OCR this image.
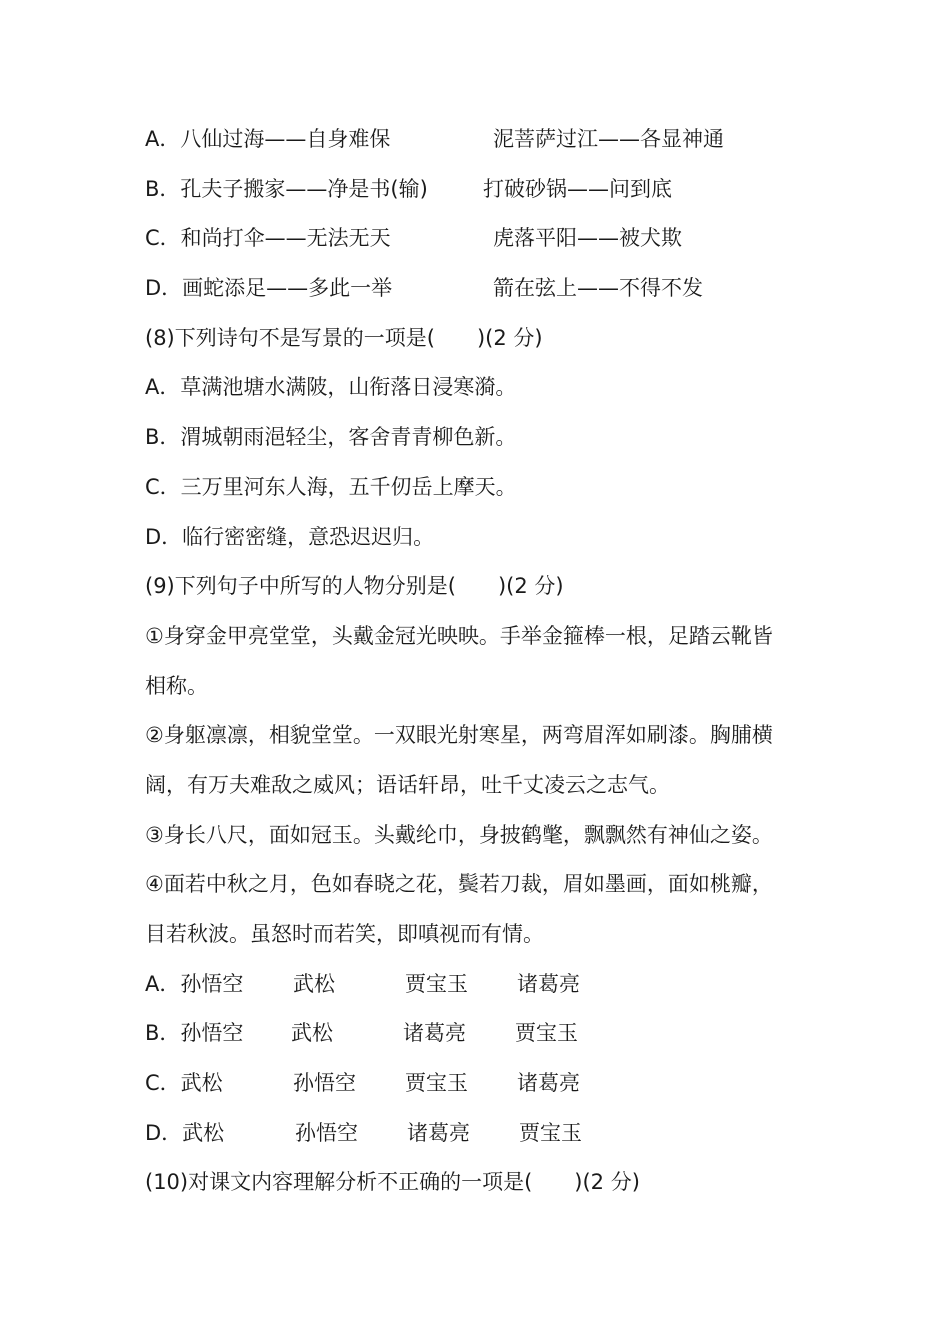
A．八仙过海——自身难保	泥菩萨过江——各显神通
B．孔夫子搬家——净是书(输)	打破砂锅——问到底
C．和尚打伞——无法无天	虎落平阳——被犬欺
D．画蛇添足——多此一举	箭在弦上——不得不发
(8)下列诗句不是写景的一项是(　　)(2 分)
A．草满池塘水满陂，山衔落日浸寒漪。
B．渭城朝雨浥轻尘，客舍青青柳色新。
C．三万里河东人海，五千仞岳上摩天。
D．临行密密缝，意恐迟迟归。
(9)下列句子中所写的人物分别是(　　)(2 分)
①身穿金甲亮堂堂，头戴金冠光映映。手举金箍棒一根，足踏云靴皆
相称。
②身躯凛凛，相貌堂堂。一双眼光射寒星，两弯眉浑如刷漆。胸脯横
阔，有万夫难敌之威风；语话轩昂，吐千丈凌云之志气。
③身长八尺，面如冠玉。头戴纶巾，身披鹤氅，飘飘然有神仙之姿。
④面若中秋之月，色如春晓之花，鬓若刀裁，眉如墨画，面如桃瓣，
目若秋波。虽怒时而若笑，即嗔视而有情。
A．孙悟空 武松	贾宝玉 诸葛亮
B．孙悟空 武松	诸葛亮 贾宝玉
C．武松	孙悟空 贾宝玉 诸葛亮
D．武松	孙悟空 诸葛亮 贾宝玉
(10)对课文内容理解分析不正确的一项是(　　)(2 分)
